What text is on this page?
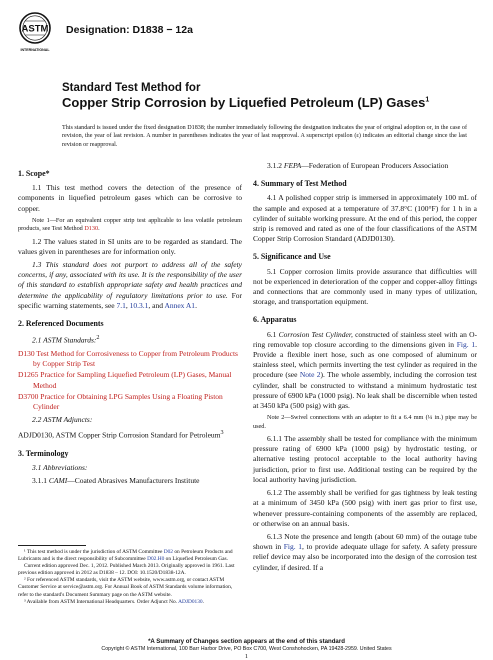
ASTM
INTERNATIONAL
Designation: D1838 − 12a
Standard Test Method for
Copper Strip Corrosion by Liquefied Petroleum (LP) Gases$^1$
This standard is issued under the fixed designation D1838; the number immediately following the designation indicates the year of original adoption or, in the case of revision, the year of last revision. A number in parentheses indicates the year of last reapproval. A superscript epsilon (ε) indicates an editorial change since the last revision or reapproval.
1. Scope*

1.1 This test method covers the detection of the presence of components in liquefied petroleum gases which can be corrosive to copper.

Note 1—For an equivalent copper strip test applicable to less volatile petroleum products, see Test Method D130.

1.2 The values stated in SI units are to be regarded as standard. The values given in parentheses are for information only.

1.3 This standard does not purport to address all of the safety concerns, if any, associated with its use. It is the responsibility of the user of this standard to establish appropriate safety and health practices and determine the applicability of regulatory limitations prior to use. For specific warning statements, see 7.1, 10.3.1, and Annex A1.

2. Referenced Documents

2.1 ASTM Standards:$^2$

D130 Test Method for Corrosiveness to Copper from Petroleum Products by Copper Strip Test
D1265 Practice for Sampling Liquefied Petroleum (LP) Gases, Manual Method
D3700 Practice for Obtaining LPG Samples Using a Floating Piston Cylinder

2.2 ASTM Adjuncts:

ADJD0130, ASTM Copper Strip Corrosion Standard for Petroleum$^3$
3. Terminology

3.1 Abbreviations:

3.1.1 CAMI—Coated Abrasives Manufacturers Institute

¹ This test method is under the jurisdiction of ASTM Committee D02 on Petroleum Products and Lubricants and is the direct responsibility of Subcommittee D02.H0 on Liquefied Petroleum Gas.

Current edition approved Dec. 1, 2012. Published March 2013. Originally approved in 1961. Last previous edition approved in 2012 as D1838 – 12. DOI: 10.1520/D1838-12A.

² For referenced ASTM standards, visit the ASTM website, www.astm.org, or contact ASTM Customer Service at service@astm.org. For Annual Book of ASTM Standards volume information, refer to the standard's Document Summary page on the ASTM website.

³ Available from ASTM International Headquarters. Order Adjunct No. ADJD0130.

3.1.2 FEPA—Federation of European Producers Association

4. Summary of Test Method

4.1 A polished copper strip is immersed in approximately 100 mL of the sample and exposed at a temperature of 37.8°C (100°F) for 1 h in a cylinder of suitable working pressure. At the end of this period, the copper strip is removed and rated as one of the four classifications of the ASTM Copper Strip Corrosion Standard (ADJD0130).

5. Significance and Use

5.1 Copper corrosion limits provide assurance that difficulties will not be experienced in deterioration of the copper and copper-alloy fittings and connections that are commonly used in many types of utilization, storage, and transportation equipment.

6. Apparatus

6.1 Corrosion Test Cylinder, constructed of stainless steel with an O-ring removable top closure according to the dimensions given in Fig. 1. Provide a flexible inert hose, such as one composed of aluminum or stainless steel, which permits inverting the test cylinder as required in the procedure (see Note 2). The whole assembly, including the corrosion test cylinder, shall be constructed to withstand a minimum hydrostatic test pressure of 6900 kPa (1000 psig). No leak shall be discernible when tested at 3450 kPa (500 psig) with gas.

Note 2—Swivel connections with an adapter to fit a 6.4 mm (¼ in.) pipe may be used.

6.1.1 The assembly shall be tested for compliance with the minimum pressure rating of 6900 kPa (1000 psig) by hydrostatic testing, or alternative testing protocol acceptable to the local authority having jurisdiction, prior to first use. Additional testing can be required by the local authority having jurisdiction.

6.1.2 The assembly shall be verified for gas tightness by leak testing at a minimum of 3450 kPa (500 psig) with inert gas prior to first use, whenever pressure-containing components of the assembly are replaced, or otherwise on an annual basis.

6.1.3 Note the presence and length (about 60 mm) of the outage tube shown in Fig. 1, to provide adequate ullage for safety. A safety pressure relief device may also be incorporated into the design of the corrosion test cylinder, if desired. If a

*A Summary of Changes section appears at the end of this standard
Copyright © ASTM International, 100 Barr Harbor Drive, PO Box C700, West Conshohocken, PA 19428-2959. United States
1
